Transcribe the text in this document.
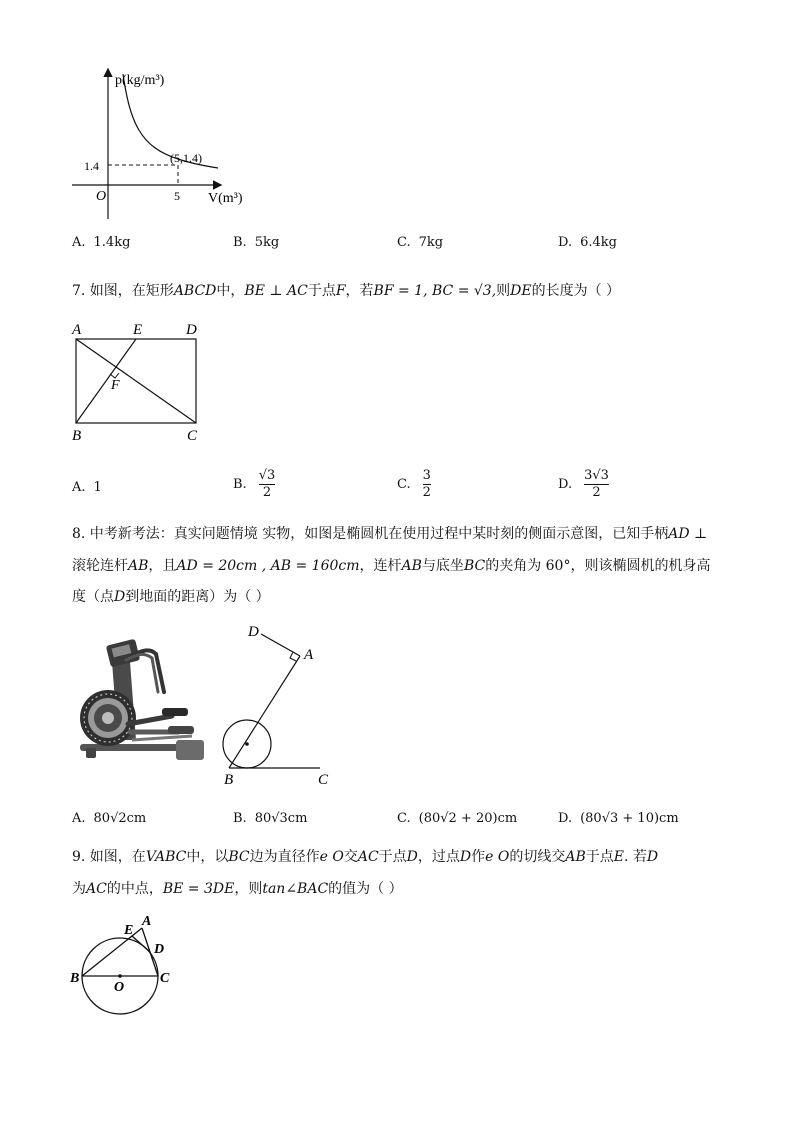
p(kg/m³)
V(m³)
O
1.4
5
(5,1.4)
A. 1.4kg	B. 5kg	C. 7kg	D. 6.4kg
7. 如图，在矩形ABCD中，BE ⊥ AC于点F，若BF = 1, BC = √3,则DE的长度为（ ）
A	E	D
F
B	C
A. 1	B. $\frac{√3}{2}$	C. $\frac{3}{2}$	D. $\frac{3√3}{2}$
8. 中考新考法：真实问题情境 实物，如图是椭圆机在使用过程中某时刻的侧面示意图，已知手柄AD ⊥
滚轮连杆AB，且AD = 20cm , AB = 160cm，连杆AB与底坐BC的夹角为 60°，则该椭圆机的机身高
度（点D到地面的距离）为（ ）
D
A
B	C
A. 80√2cm	B. 80√3cm	C. (80√2 + 20)cm	D. (80√3 + 10)cm
9. 如图，在VABC中，以BC边为直径作e O交AC于点D，过点D作e O的切线交AB于点E. 若D
为AC的中点，BE = 3DE，则tan∠BAC的值为（ ）
E
A
D
B
O
C
